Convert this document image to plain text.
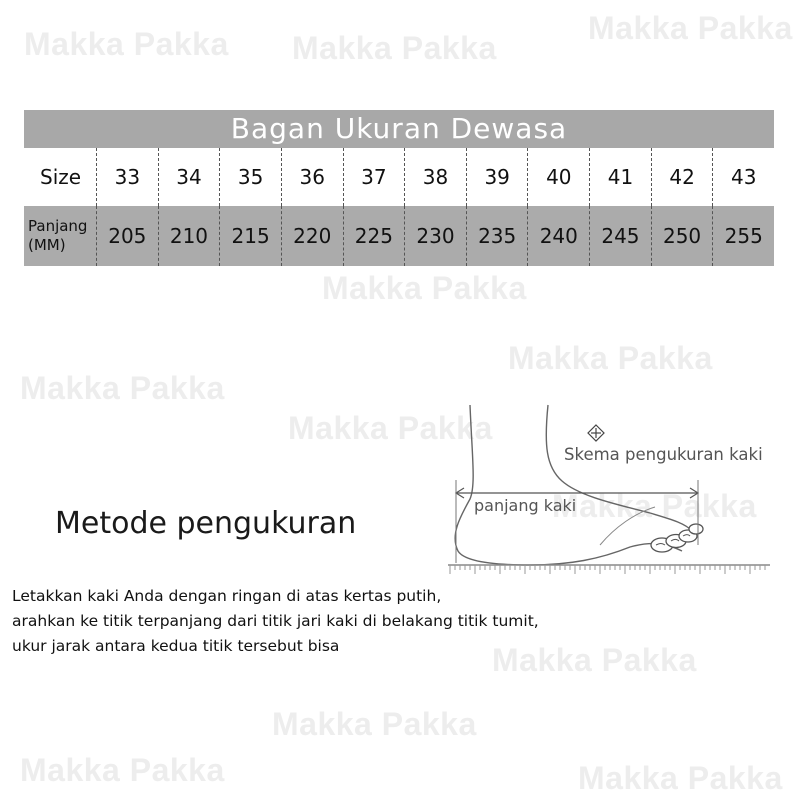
Makka Pakka Makka Pakka
Makka Pakka
Makka Pakka
Makka Pakka
Makka Pakka
Makka Pakka
Makka Pakka
Makka Pakka
Makka Pakka
Makka Pakka	Makka Pakka
Bagan Ukuran Dewasa
Size	33	34	35	36	37	38	39	40	41	42	43
Panjang
(MM)	205	210	215	220	225	230	235	240	245	250	255
Skema pengukuran kaki
panjang kaki
Metode pengukuran
Letakkan kaki Anda dengan ringan di atas kertas putih,
arahkan ke titik terpanjang dari titik jari kaki di belakang titik tumit,
ukur jarak antara kedua titik tersebut bisa
